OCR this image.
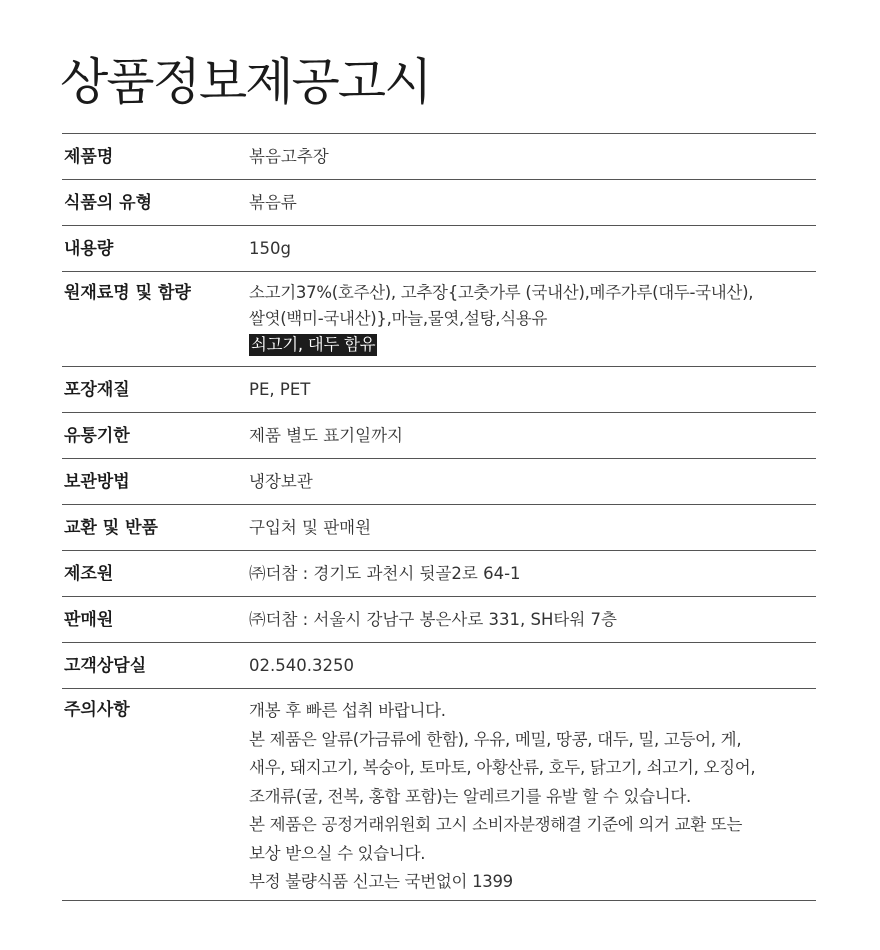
상품정보제공고시
제품명	볶음고추장
식품의 유형	볶음류
내용량	150g
원재료명 및 함량	소고기37%(호주산), 고추장{고춧가루 (국내산),메주가루(대두-국내산),
쌀엿(백미-국내산)},마늘,물엿,설탕,식용유
쇠고기, 대두 함유
포장재질	PE, PET
유통기한	제품 별도 표기일까지
보관방법	냉장보관
교환 및 반품	구입처 및 판매원
제조원	㈜더참 : 경기도 과천시 뒷골2로 64-1
판매원	㈜더참 : 서울시 강남구 봉은사로 331, SH타워 7층
고객상담실	02.540.3250
주의사항	개봉 후 빠른 섭취 바랍니다.
본 제품은 알류(가금류에 한함), 우유, 메밀, 땅콩, 대두, 밀, 고등어, 게,
새우, 돼지고기, 복숭아, 토마토, 아황산류, 호두, 닭고기, 쇠고기, 오징어,
조개류(굴, 전복, 홍합 포함)는 알레르기를 유발 할 수 있습니다.
본 제품은 공정거래위원회 고시 소비자분쟁해결 기준에 의거 교환 또는
보상 받으실 수 있습니다.
부정 불량식품 신고는 국번없이 1399
